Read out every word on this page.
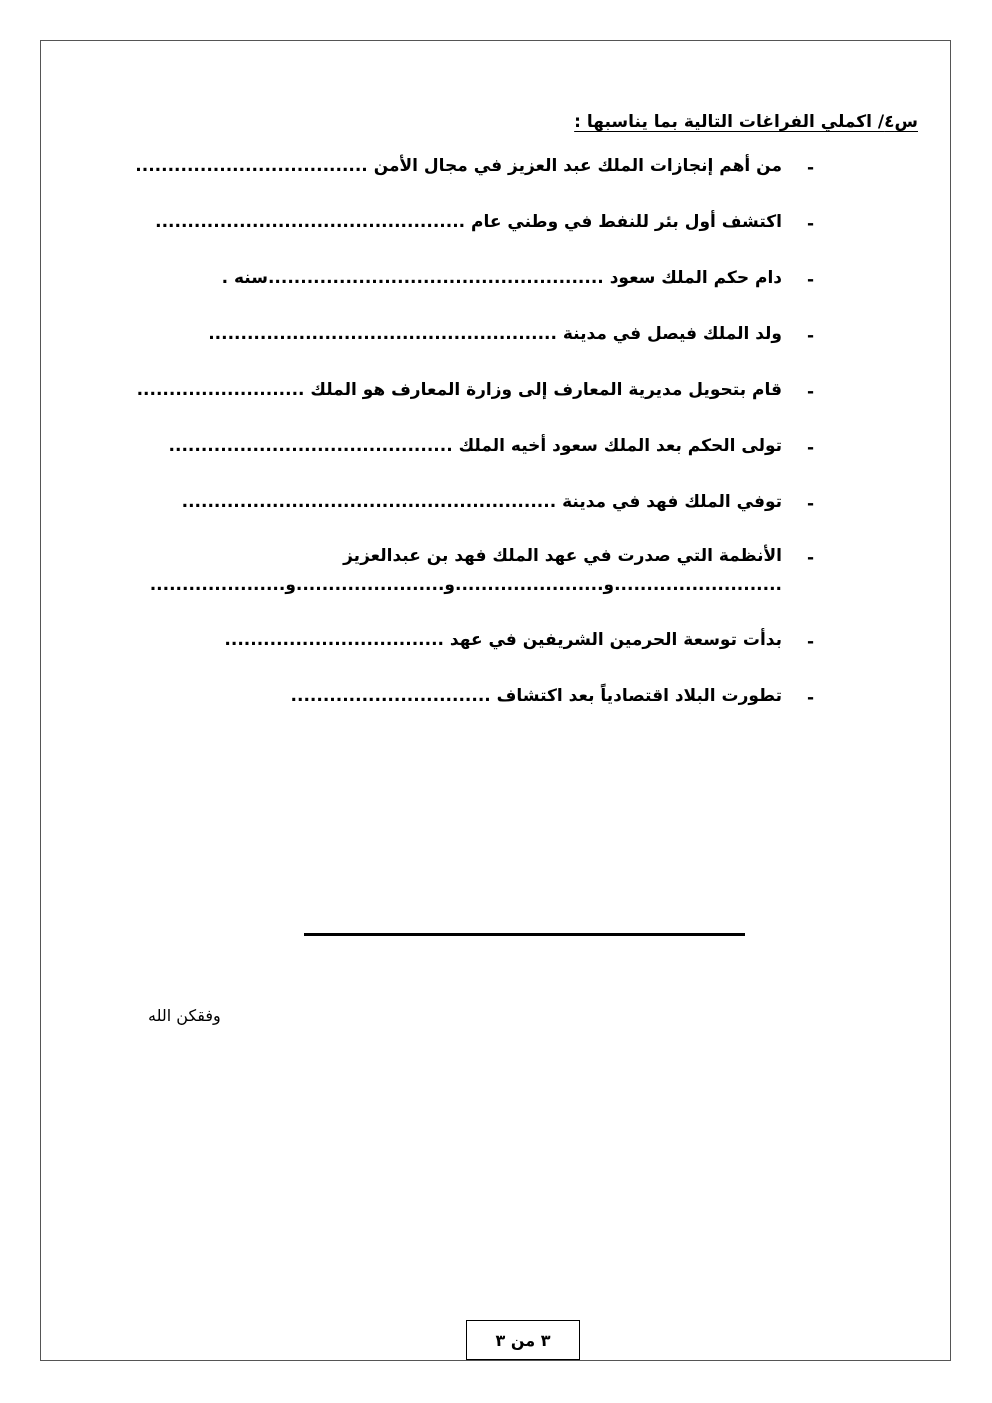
س٤/ اكملي الفراغات التالية بما يناسبها :
-
من أهم إنجازات الملك عبد العزيز في مجال الأمن ....................................
-
اكتشف أول بئر للنفط في وطني عام ................................................
-
دام حكم الملك سعود ....................................................سنه .
-
ولد الملك فيصل في مدينة ......................................................
-
قام بتحويل مديرية المعارف إلى وزارة المعارف هو الملك ..........................
-
تولى الحكم بعد الملك سعود أخيه الملك ............................................
-
توفي الملك فهد في مدينة ..........................................................
-
الأنظمة التي صدرت في عهد الملك فهد بن عبدالعزيز
..........................و.......................و.......................و.....................
-
بدأت توسعة الحرمين الشريفين في عهد ..................................
-
تطورت البلاد اقتصادياً بعد اكتشاف ...............................
وفقكن الله
٣ من ٣
